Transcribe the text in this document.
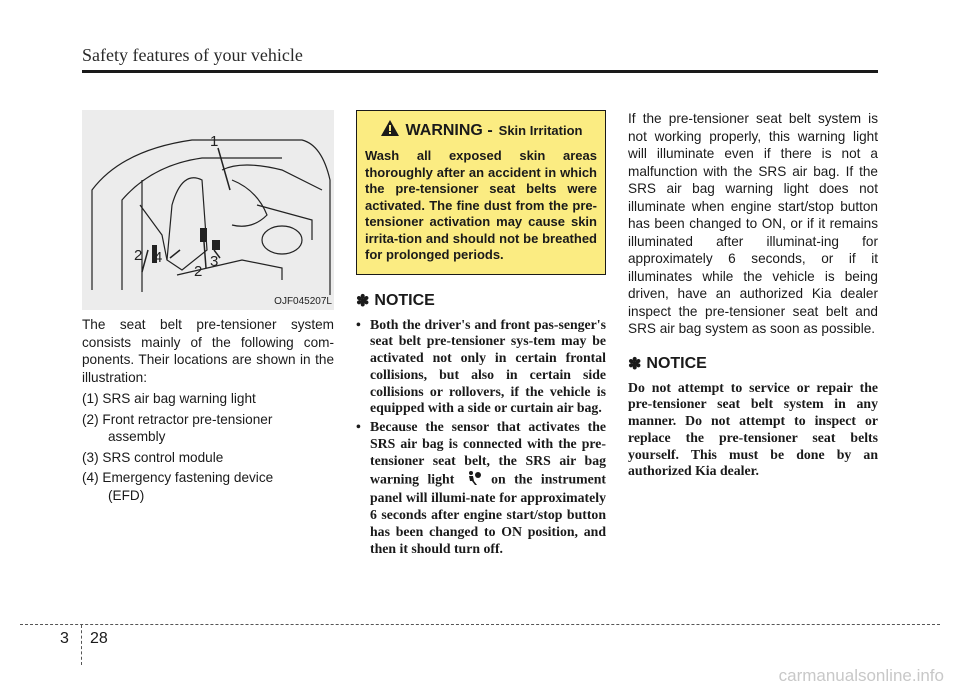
Safety features of your vehicle
1
2 4	3
2
OJF045207L

The seat belt pre-tensioner system consists mainly of the following com-ponents. Their locations are shown in the illustration:

(1) SRS air bag warning light
(2) Front retractor pre-tensioner
assembly
(3) SRS control module
(4) Emergency fastening device
(EFD)
WARNING - Skin Irritation
Wash all exposed skin areas thoroughly after an accident in which the pre-tensioner seat belts were activated. The fine dust from the pre-tensioner activation may cause skin irrita-tion and should not be breathed for prolonged periods.
✽ NOTICE
• Both the driver's and front pas-senger's seat belt pre-tensioner sys-tem may be activated not only in certain frontal collisions, but also in certain side collisions or rollovers, if the vehicle is equipped with a side or curtain air bag.
• Because the sensor that activates the SRS air bag is connected with the pre-tensioner seat belt, the SRS air bag warning light	on the instrument panel will illumi-nate for approximately 6 seconds after engine start/stop button has been changed to ON position, and then it should turn off.

If the pre-tensioner seat belt system is not working properly, this warning light will illuminate even if there is not a malfunction with the SRS air bag. If the SRS air bag warning light does not illuminate when engine start/stop button has been changed to ON, or if it remains illuminated after illuminat-ing for approximately 6 seconds, or if it illuminates while the vehicle is being driven, have an authorized Kia dealer inspect the pre-tensioner seat belt and SRS air bag system as soon as possible.

✽ NOTICE

Do not attempt to service or repair the pre-tensioner seat belt system in any manner. Do not attempt to inspect or replace the pre-tensioner seat belts yourself. This must be done by an authorized Kia dealer.

3 28
carmanualsonline.info
